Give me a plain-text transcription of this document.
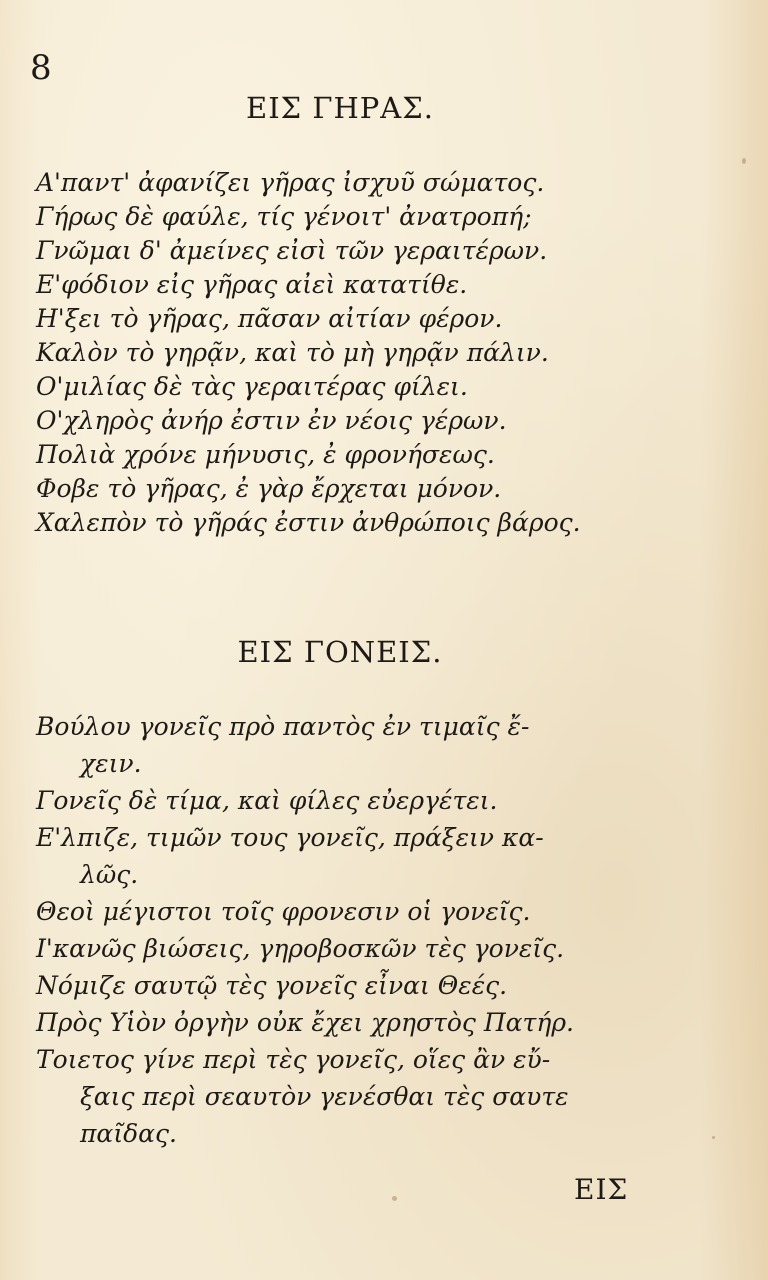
8
ΕΙΣ ΓΗΡΑΣ.
Α'παντ' ἀφανίζει γῆρας ἰσχυῦ σώματος.
Γήρως δὲ φαύλε, τίς γένοιτ' ἀνατροπή;
Γνῶμαι δ' ἀμείνες εἰσὶ τῶν γεραιτέρων.
Ε'φόδιον εἰς γῆρας αἰεὶ κατατίθε.
Η'ξει τὸ γῆρας, πᾶσαν αἰτίαν φέρον.
Καλὸν τὸ γηρᾷν, καὶ τὸ μὴ γηρᾷν πάλιν.
Ο'μιλίας δὲ τὰς γεραιτέρας φίλει.
Ο'χληρὸς ἀνήρ ἐστιν ἐν νέοις γέρων.
Πολιὰ χρόνε μήνυσις, ἐ φρονήσεως.
Φοβε τὸ γῆρας, ἐ γὰρ ἔρχεται μόνον.
Χαλεπὸν τὸ γῆράς ἐστιν ἀνθρώποις βάρος.
ΕΙΣ ΓΟΝΕΙΣ.
Βούλου γονεῖς πρὸ παντὸς ἐν τιμαῖς ἔ-
χειν.
Γονεῖς δὲ τίμα, καὶ φίλες εὐεργέτει.
Ε'λπιζε, τιμῶν τους γονεῖς, πράξειν κα-
λῶς.
Θεοὶ μέγιστοι τοῖς φρονεσιν οἱ γονεῖς.
Ι'κανῶς βιώσεις, γηροβοσκῶν τὲς γονεῖς.
Νόμιζε σαυτῷ τὲς γονεῖς εἶναι Θεές.
Πρὸς Υἱὸν ὀργὴν οὐκ ἔχει χρηστὸς Πατήρ.
Τοιετος γίνε περὶ τὲς γονεῖς, οἵες ἂν εὔ-
ξαις περὶ σεαυτὸν γενέσθαι τὲς σαυτε
παῖδας.
ΕΙΣ
